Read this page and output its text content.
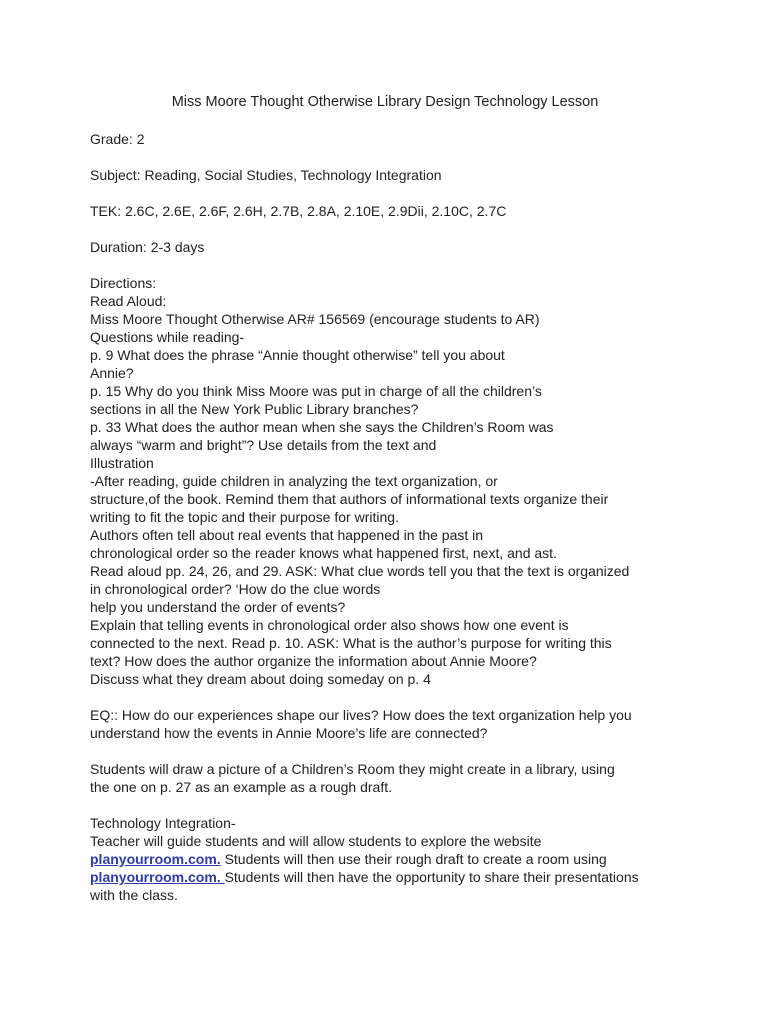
Miss Moore Thought Otherwise Library Design Technology Lesson
Grade: 2
Subject: Reading, Social Studies, Technology Integration
TEK: 2.6C, 2.6E, 2.6F, 2.6H, 2.7B, 2.8A, 2.10E, 2.9Dii, 2.10C, 2.7C
Duration: 2-3 days
Directions:
Read Aloud:
Miss Moore Thought Otherwise AR# 156569 (encourage students to AR)
Questions while reading-
p. 9 What does the phrase “Annie thought otherwise” tell you about
Annie?
p. 15 Why do you think Miss Moore was put in charge of all the children’s
sections in all the New York Public Library branches?
p. 33 What does the author mean when she says the Children’s Room was
always “warm and bright”? Use details from the text and
Illustration
-After reading, guide children in analyzing the text organization, or
structure,of the book. Remind them that authors of informational texts organize their
writing to fit the topic and their purpose for writing.
Authors often tell about real events that happened in the past in
chronological order so the reader knows what happened first, next, and ast.
Read aloud pp. 24, 26, and 29. ASK: What clue words tell you that the text is organized
in chronological order? ‘How do the clue words
help you understand the order of events?
Explain that telling events in chronological order also shows how one event is
connected to the next. Read p. 10. ASK: What is the author’s purpose for writing this
text? How does the author organize the information about Annie Moore?
Discuss what they dream about doing someday on p. 4
EQ:: How do our experiences shape our lives? How does the text organization help you
understand how the events in Annie Moore’s life are connected?
Students will draw a picture of a Children’s Room they might create in a library, using
the one on p. 27 as an example as a rough draft.
Technology Integration-
Teacher will guide students and will allow students to explore the website
planyourroom.com. Students will then use their rough draft to create a room using
planyourroom.com. Students will then have the opportunity to share their presentations
with the class.
